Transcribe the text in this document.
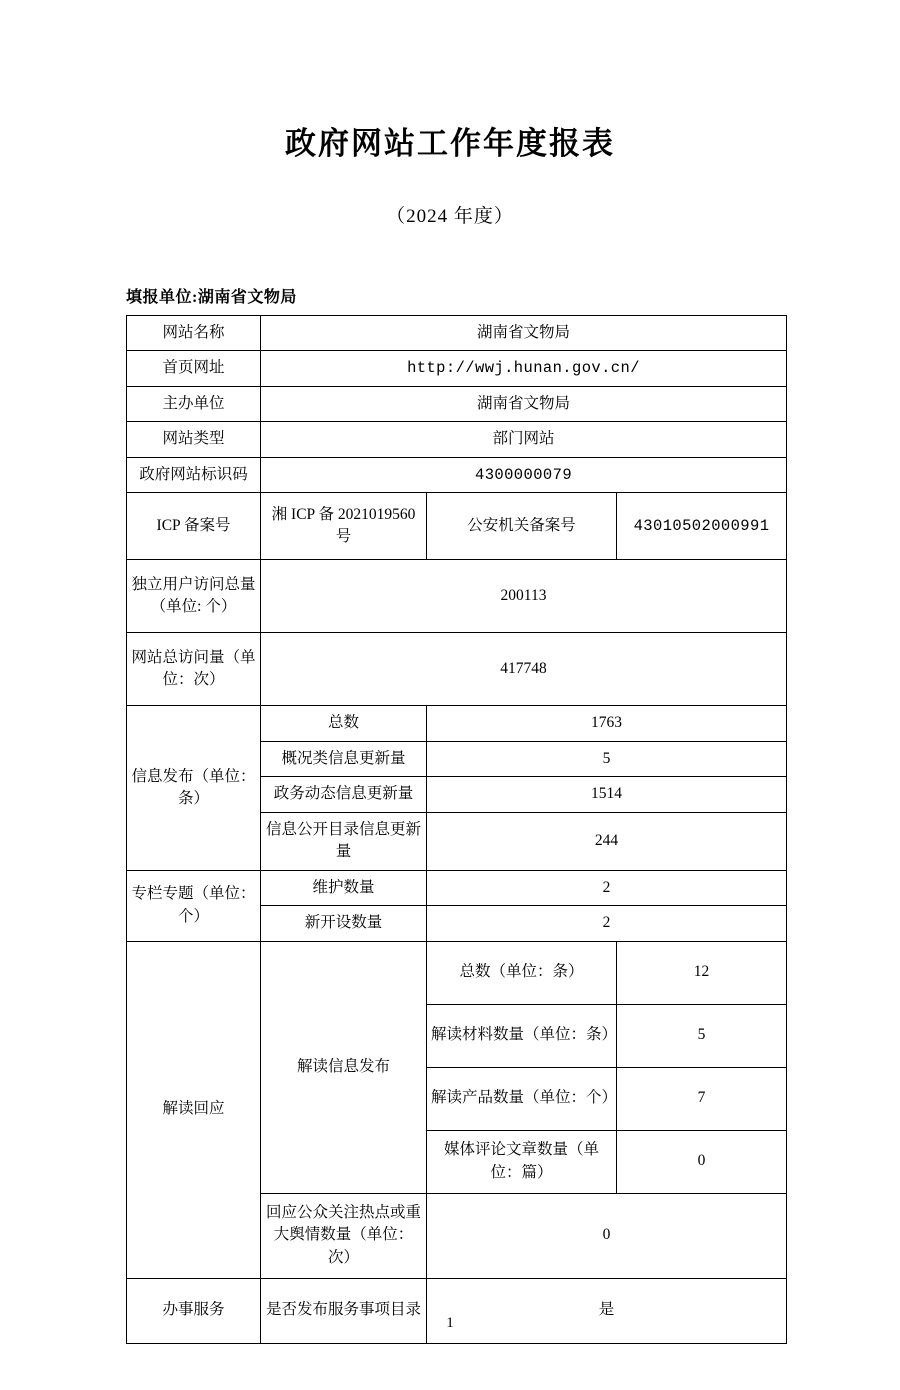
政府网站工作年度报表
（2024 年度）
填报单位:湖南省文物局
网站名称	湖南省文物局		
首页网址	http://wwj.hunan.gov.cn/		
主办单位	湖南省文物局		
网站类型	部门网站		
政府网站标识码	4300000079		
ICP 备案号	湘 ICP 备 2021019560 号	公安机关备案号	43010502000991
独立用户访问总量（单位: 个）	200113		
网站总访问量（单位：次）	417748		
信息发布（单位：条）	总数	1763	
	概况类信息更新量	5	
	政务动态信息更新量	1514	
	信息公开目录信息更新量	244	
专栏专题（单位：个）	维护数量	2	
	新开设数量	2	
解读回应	解读信息发布	总数（单位：条）	12
		解读材料数量（单位：条）	5
		解读产品数量（单位：个）	7
		媒体评论文章数量（单位：篇）	0
	回应公众关注热点或重大舆情数量（单位：次）	0	
办事服务	是否发布服务事项目录	是	
1
